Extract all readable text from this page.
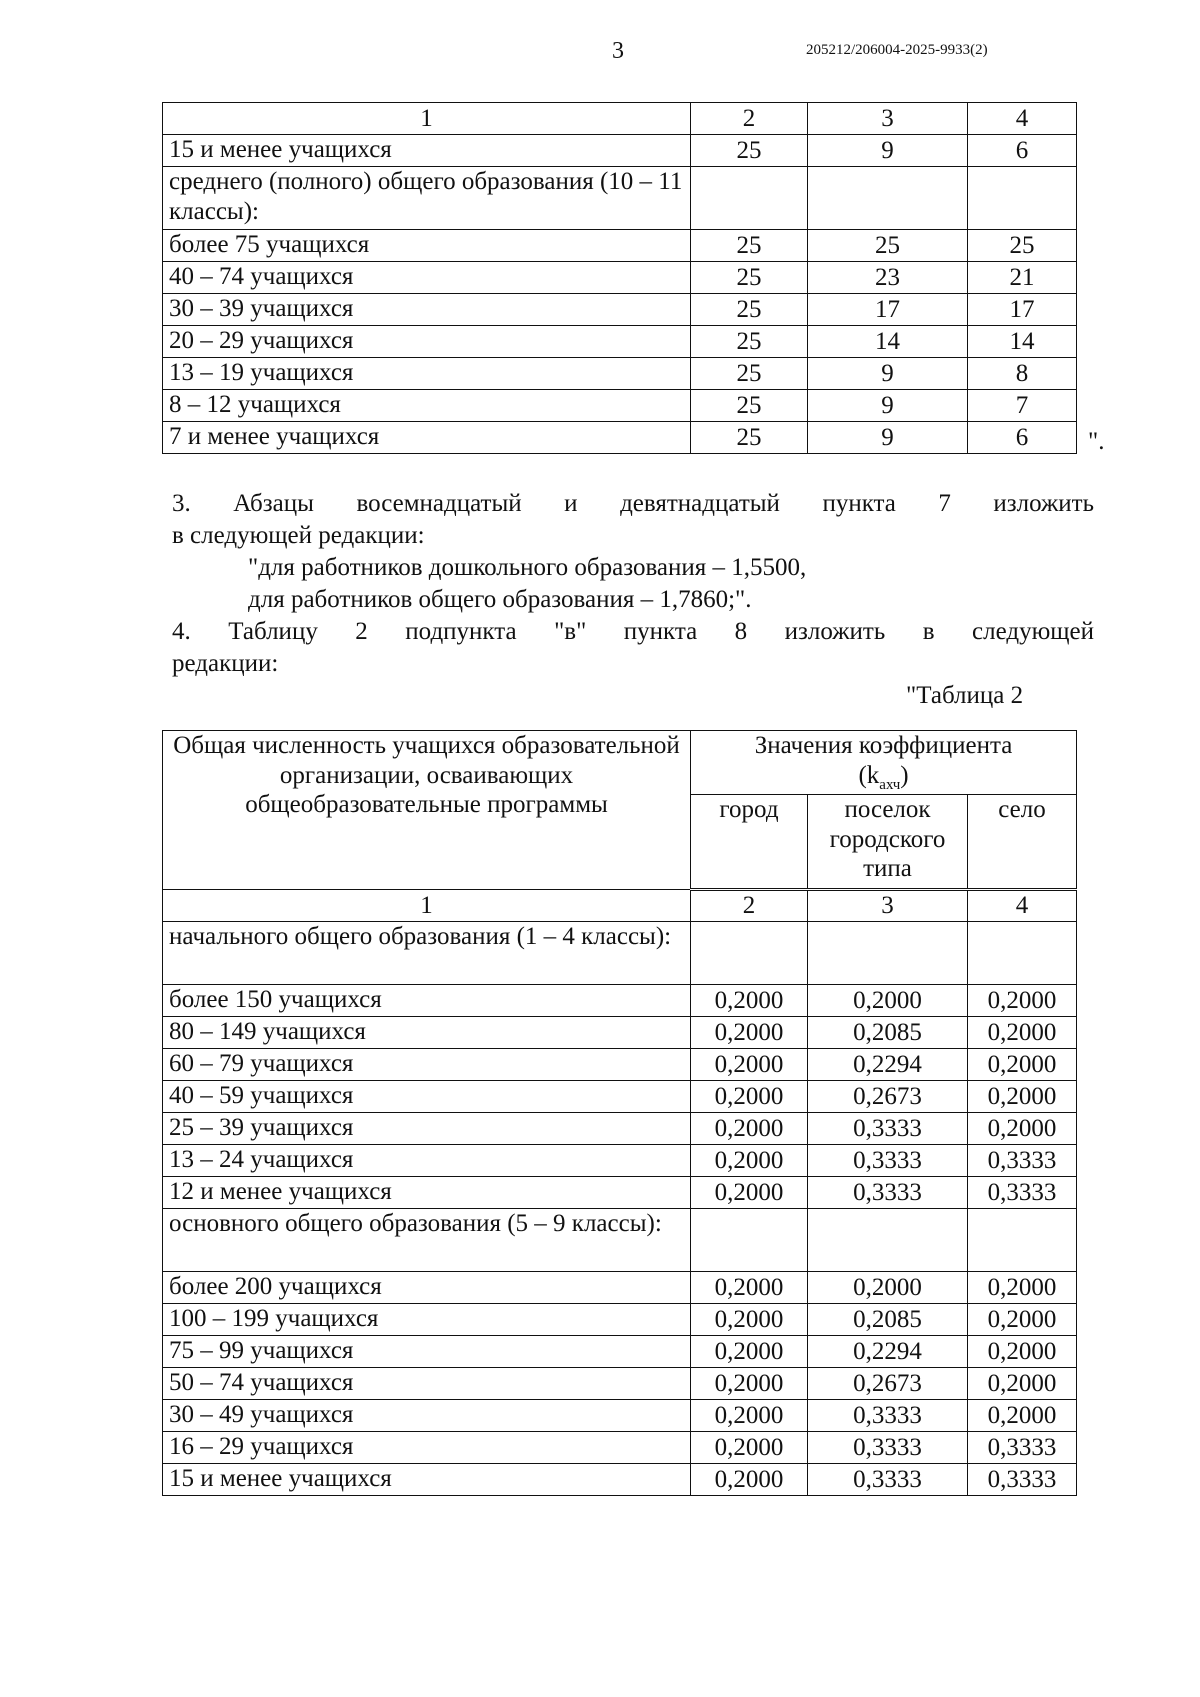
3	205212/206004-2025-9933(2)
1	2	3	4
15 и менее учащихся	25	9	6
среднего (полного) общего образования (10 – 11 классы):			
более 75 учащихся	25	25	25
40 – 74 учащихся	25	23	21
30 – 39 учащихся	25	17	17
20 – 29 учащихся	25	14	14
13 – 19 учащихся	25	9	8
8 – 12 учащихся	25	9	7
7 и менее учащихся	25	9	6 ".
3. Абзацы восемнадцатый и девятнадцатый пункта 7 изложить
в следующей редакции:
"для работников дошкольного образования – 1,5500,
для работников общего образования – 1,7860;".
4. Таблицу 2 подпункта "в" пункта 8 изложить в следующей
редакции:
"Таблица 2
Общая численность учащихся образовательной организации, осваивающих общеобразовательные программы	Значения коэффициента
$(k_{ахч})$		
	город	поселок городского типа	село
1	2	3	4
начального общего образования (1 – 4 классы):			
более 150 учащихся	0,2000	0,2000	0,2000
80 – 149 учащихся	0,2000	0,2085	0,2000
60 – 79 учащихся	0,2000	0,2294	0,2000
40 – 59 учащихся	0,2000	0,2673	0,2000
25 – 39 учащихся	0,2000	0,3333	0,2000
13 – 24 учащихся	0,2000	0,3333	0,3333
12 и менее учащихся	0,2000	0,3333	0,3333
основного общего образования (5 – 9 классы):			
более 200 учащихся	0,2000	0,2000	0,2000
100 – 199 учащихся	0,2000	0,2085	0,2000
75 – 99 учащихся	0,2000	0,2294	0,2000
50 – 74 учащихся	0,2000	0,2673	0,2000
30 – 49 учащихся	0,2000	0,3333	0,2000
16 – 29 учащихся	0,2000	0,3333	0,3333
15 и менее учащихся	0,2000	0,3333	0,3333
